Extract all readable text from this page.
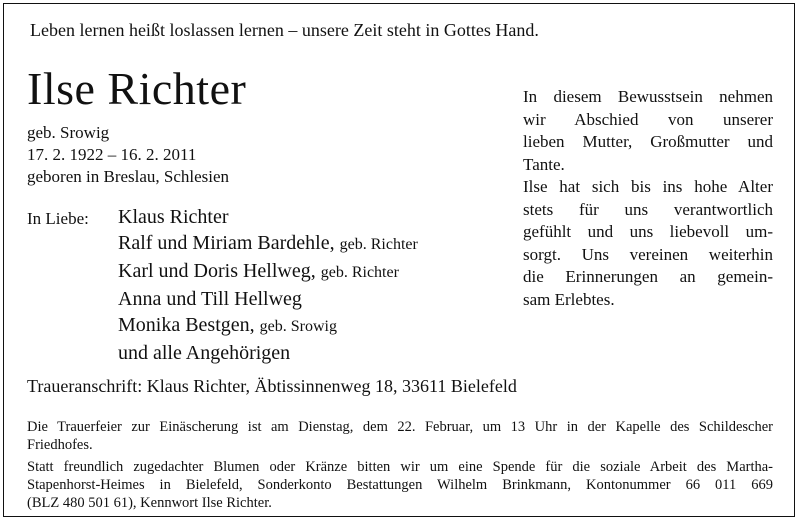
Leben lernen heißt loslassen lernen – unsere Zeit steht in Gottes Hand.
Ilse Richter
geb. Srowig
17. 2. 1922 – 16. 2. 2011
geboren in Breslau, Schlesien
In Liebe: Klaus Richter
Ralf und Miriam Bardehle, geb. Richter
Karl und Doris Hellweg, geb. Richter
Anna und Till Hellweg
Monika Bestgen, geb. Srowig
und alle Angehörigen
In diesem Bewusstsein nehmen
wir Abschied von unserer
lieben Mutter, Großmutter und
Tante.
Ilse hat sich bis ins hohe Alter
stets für uns verantwortlich
gefühlt und uns liebevoll um-
sorgt. Uns vereinen weiterhin
die Erinnerungen an gemein-
sam Erlebtes.
Traueranschrift: Klaus Richter, Äbtissinnenweg 18, 33611 Bielefeld
Die Trauerfeier zur Einäscherung ist am Dienstag, dem 22. Februar, um 13 Uhr in der Kapelle des Schildescher
Friedhofes.
Statt freundlich zugedachter Blumen oder Kränze bitten wir um eine Spende für die soziale Arbeit des Martha-
Stapenhorst-Heimes in Bielefeld, Sonderkonto Bestattungen Wilhelm Brinkmann, Kontonummer 66 011 669
(BLZ 480 501 61), Kennwort Ilse Richter.
